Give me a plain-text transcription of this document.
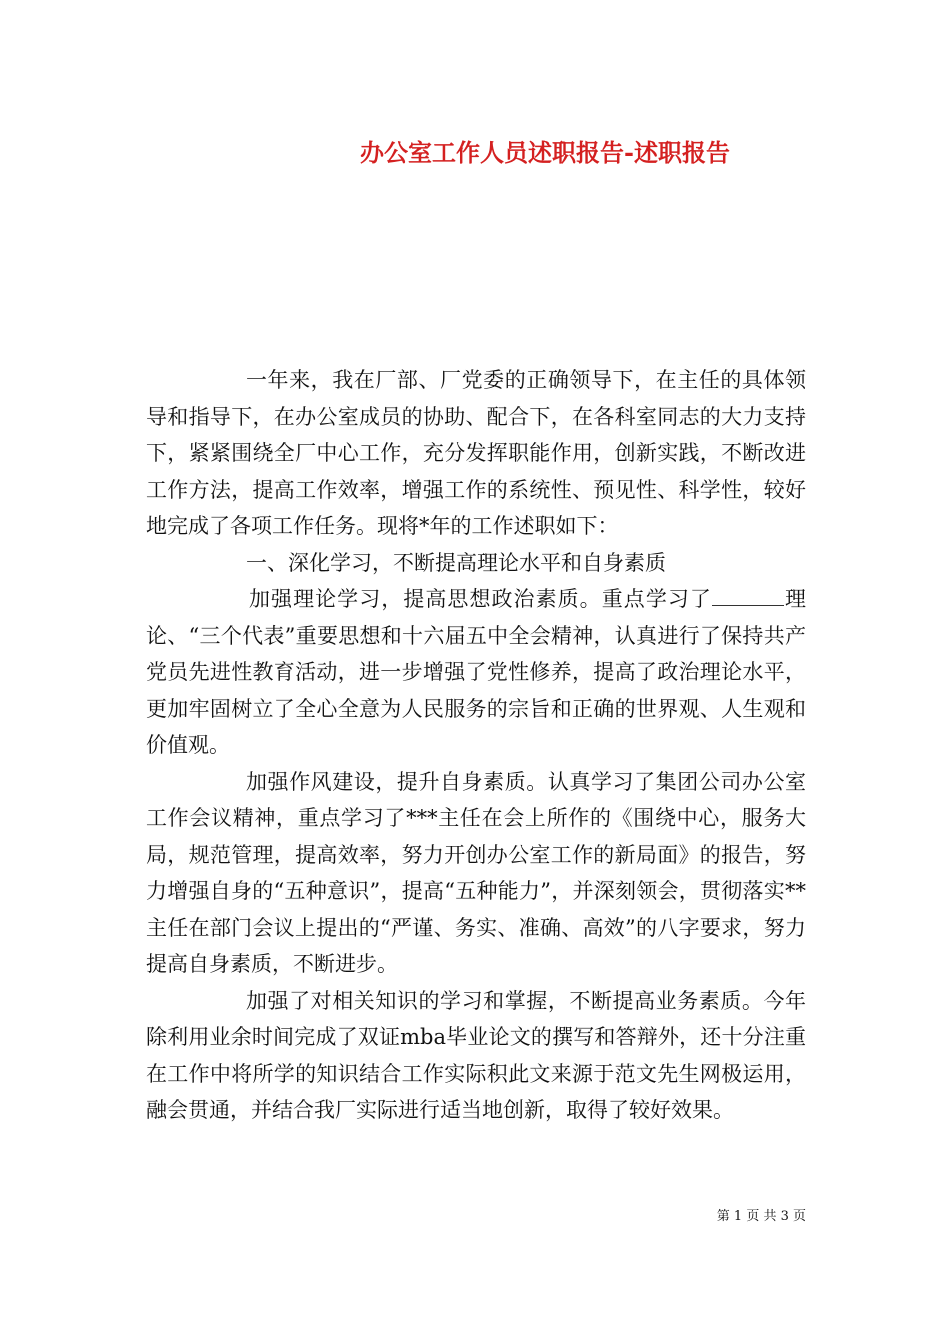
办公室工作人员述职报告-述职报告

一年来，我在厂部、厂党委的正确领导下，在主任的具体领导和指导下，在办公室成员的协助、配合下，在各科室同志的大力支持下，紧紧围绕全厂中心工作，充分发挥职能作用，创新实践，不断改进工作方法，提高工作效率，增强工作的系统性、预见性、科学性，较好地完成了各项工作任务。现将*年的工作述职如下：

一、深化学习，不断提高理论水平和自身素质

加强理论学习，提高思想政治素质。重点学习了	理论、“三个代表”重要思想和十六届五中全会精神，认真进行了保持共产党员先进性教育活动，进一步增强了党性修养，提高了政治理论水平，更加牢固树立了全心全意为人民服务的宗旨和正确的世界观、人生观和价值观。

加强作风建设，提升自身素质。认真学习了集团公司办公室工作会议精神，重点学习了***主任在会上所作的《围绕中心，服务大局，规范管理，提高效率，努力开创办公室工作的新局面》的报告，努力增强自身的“五种意识”，提高“五种能力”，并深刻领会，贯彻落实**主任在部门会议上提出的“严谨、务实、准确、高效”的八字要求，努力提高自身素质，不断进步。

加强了对相关知识的学习和掌握，不断提高业务素质。今年除利用业余时间完成了双证mba毕业论文的撰写和答辩外，还十分注重在工作中将所学的知识结合工作实际积此文来源于范文先生网极运用，融会贯通，并结合我厂实际进行适当地创新，取得了较好效果。

第 1 页 共 3 页
